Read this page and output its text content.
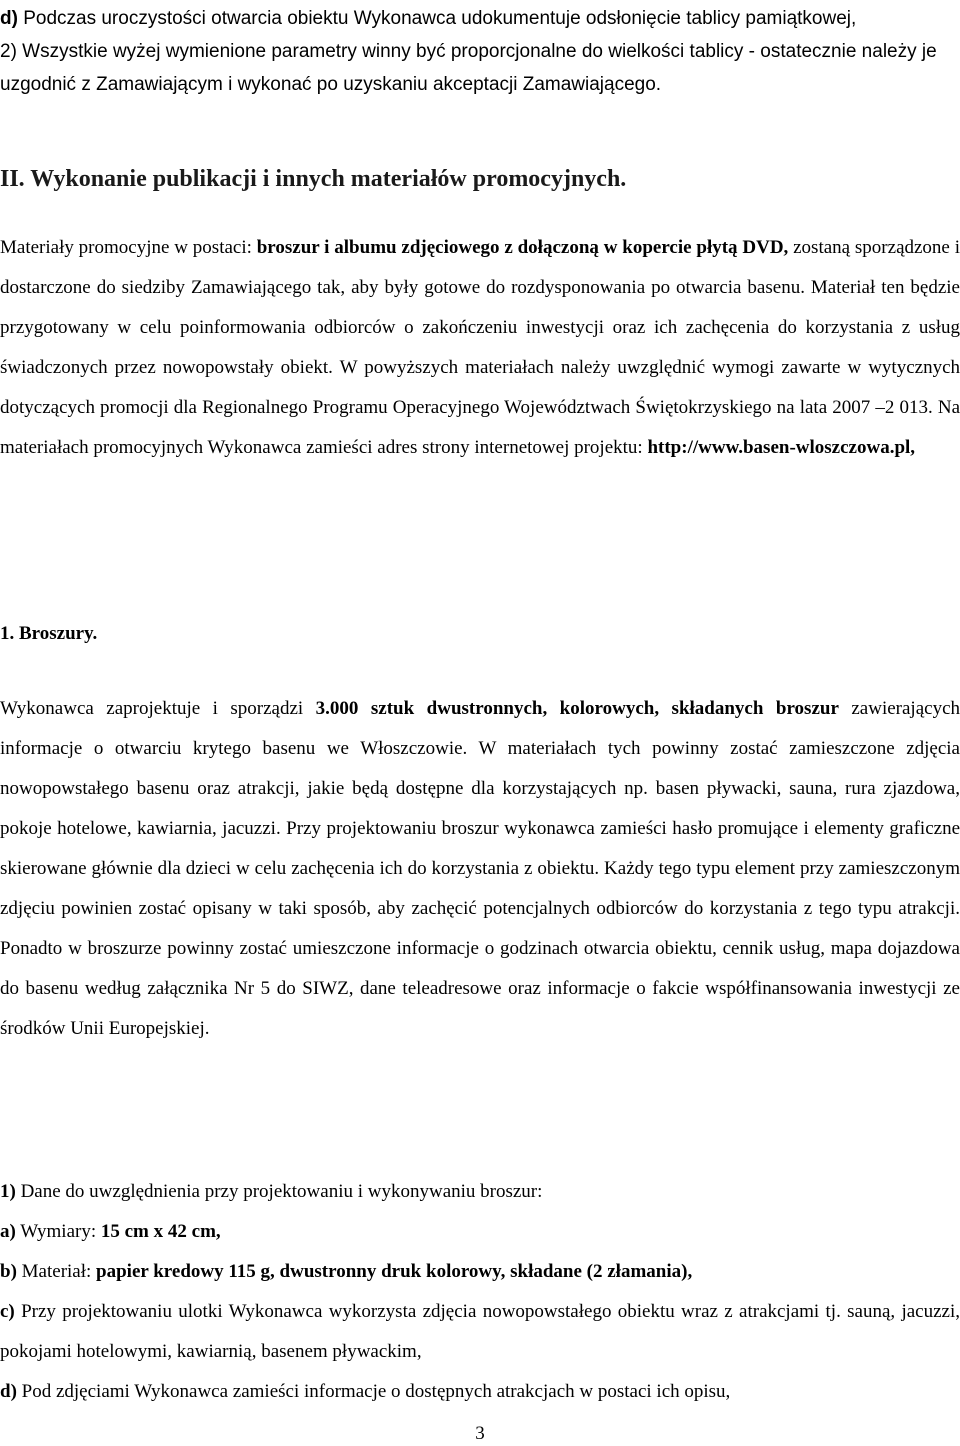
d) Podczas uroczystości otwarcia obiektu Wykonawca udokumentuje odsłonięcie tablicy pamiątkowej,

2) Wszystkie wyżej wymienione parametry winny być proporcjonalne do wielkości tablicy - ostatecznie należy je uzgodnić z Zamawiającym i wykonać po uzyskaniu akceptacji Zamawiającego.

II. Wykonanie publikacji i innych materiałów promocyjnych.

Materiały promocyjne w postaci: broszur i albumu zdjęciowego z dołączoną w kopercie płytą DVD, zostaną sporządzone i dostarczone do siedziby Zamawiającego tak, aby były gotowe do rozdysponowania po otwarcia basenu. Materiał ten będzie przygotowany w celu poinformowania odbiorców o zakończeniu inwestycji oraz ich zachęcenia do korzystania z usług świadczonych przez nowopowstały obiekt. W powyższych materiałach należy uwzględnić wymogi zawarte w wytycznych dotyczących promocji dla Regionalnego Programu Operacyjnego Województwach Świętokrzyskiego na lata 2007 –2 013. Na materiałach promocyjnych Wykonawca zamieści adres strony internetowej projektu: http://www.basen-wloszczowa.pl,

1. Broszury.

Wykonawca zaprojektuje i sporządzi 3.000 sztuk dwustronnych, kolorowych, składanych broszur zawierających informacje o otwarciu krytego basenu we Włoszczowie. W materiałach tych powinny zostać zamieszczone zdjęcia nowopowstałego basenu oraz atrakcji, jakie będą dostępne dla korzystających np. basen pływacki, sauna, rura zjazdowa, pokoje hotelowe, kawiarnia, jacuzzi. Przy projektowaniu broszur wykonawca zamieści hasło promujące i elementy graficzne skierowane głównie dla dzieci w celu zachęcenia ich do korzystania z obiektu. Każdy tego typu element przy zamieszczonym zdjęciu powinien zostać opisany w taki sposób, aby zachęcić potencjalnych odbiorców do korzystania z tego typu atrakcji. Ponadto w broszurze powinny zostać umieszczone informacje o godzinach otwarcia obiektu, cennik usług, mapa dojazdowa do basenu według załącznika Nr 5 do SIWZ, dane teleadresowe oraz informacje o fakcie współfinansowania inwestycji ze środków Unii Europejskiej.

1) Dane do uwzględnienia przy projektowaniu i wykonywaniu broszur:

a) Wymiary: 15 cm x 42 cm,

b) Materiał: papier kredowy 115 g, dwustronny druk kolorowy, składane (2 złamania),

c) Przy projektowaniu ulotki Wykonawca wykorzysta zdjęcia nowopowstałego obiektu wraz z atrakcjami tj. sauną, jacuzzi, pokojami hotelowymi, kawiarnią, basenem pływackim,

d) Pod zdjęciami Wykonawca zamieści informacje o dostępnych atrakcjach w postaci ich opisu,

3
